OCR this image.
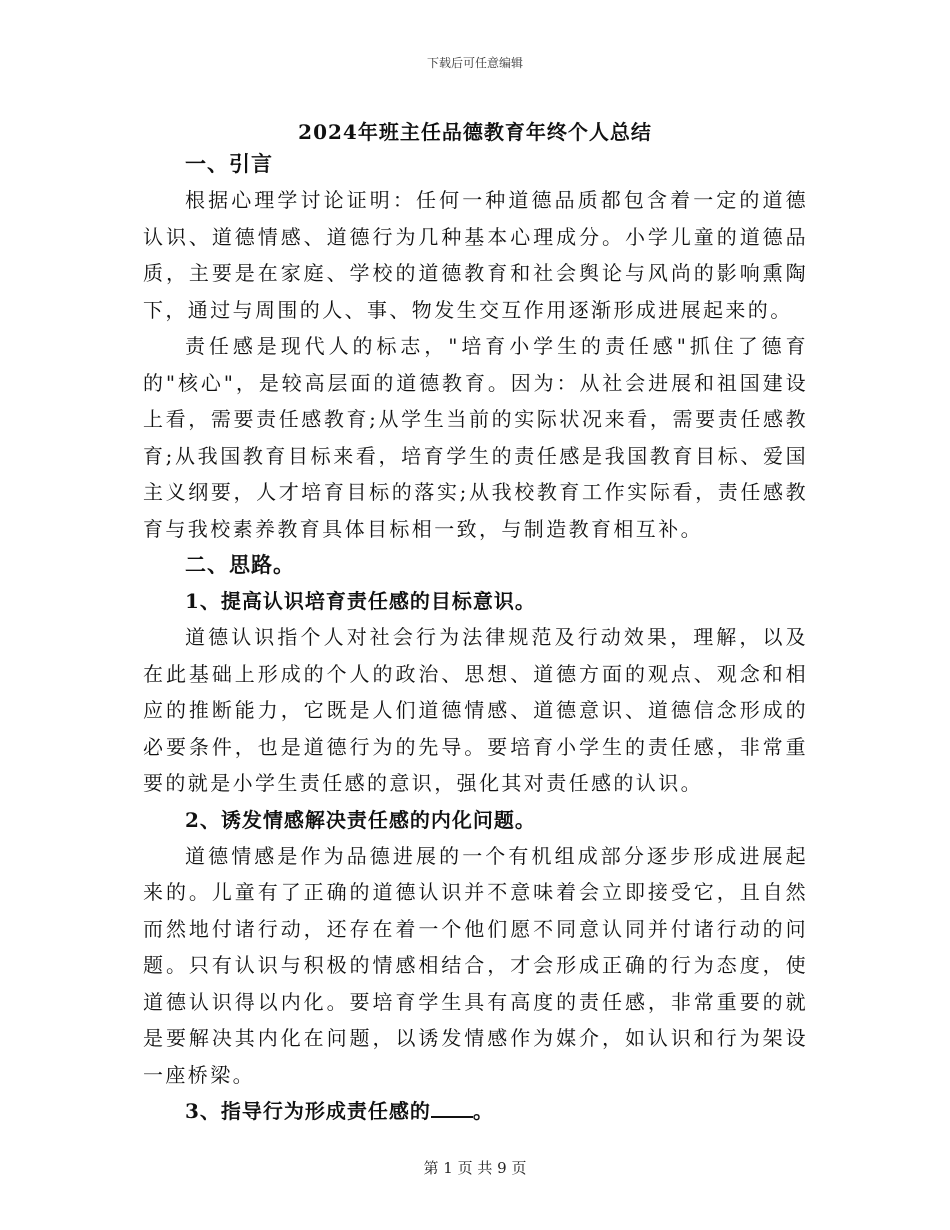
下载后可任意编辑
2024年班主任品德教育年终个人总结
一、引言

根据心理学讨论证明：任何一种道德品质都包含着一定的道德认识、道德情感、道德行为几种基本心理成分。小学儿童的道德品质，主要是在家庭、学校的道德教育和社会舆论与风尚的影响熏陶下，通过与周围的人、事、物发生交互作用逐渐形成进展起来的。

责任感是现代人的标志，"培育小学生的责任感"抓住了德育的"核心"，是较高层面的道德教育。因为：从社会进展和祖国建设上看，需要责任感教育;从学生当前的实际状况来看，需要责任感教育;从我国教育目标来看，培育学生的责任感是我国教育目标、爱国主义纲要，人才培育目标的落实;从我校教育工作实际看，责任感教育与我校素养教育具体目标相一致，与制造教育相互补。

二、思路。
1、提高认识培育责任感的目标意识。

道德认识指个人对社会行为法律规范及行动效果，理解，以及在此基础上形成的个人的政治、思想、道德方面的观点、观念和相应的推断能力，它既是人们道德情感、道德意识、道德信念形成的必要条件，也是道德行为的先导。要培育小学生的责任感，非常重要的就是小学生责任感的意识，强化其对责任感的认识。

2、诱发情感解决责任感的内化问题。

道德情感是作为品德进展的一个有机组成部分逐步形成进展起来的。儿童有了正确的道德认识并不意味着会立即接受它，且自然而然地付诸行动，还存在着一个他们愿不同意认同并付诸行动的问题。只有认识与积极的情感相结合，才会形成正确的行为态度，使道德认识得以内化。要培育学生具有高度的责任感，非常重要的就是要解决其内化在问题，以诱发情感作为媒介，如认识和行为架设一座桥梁。

3、指导行为形成责任感的 。
第 1 页 共 9 页
